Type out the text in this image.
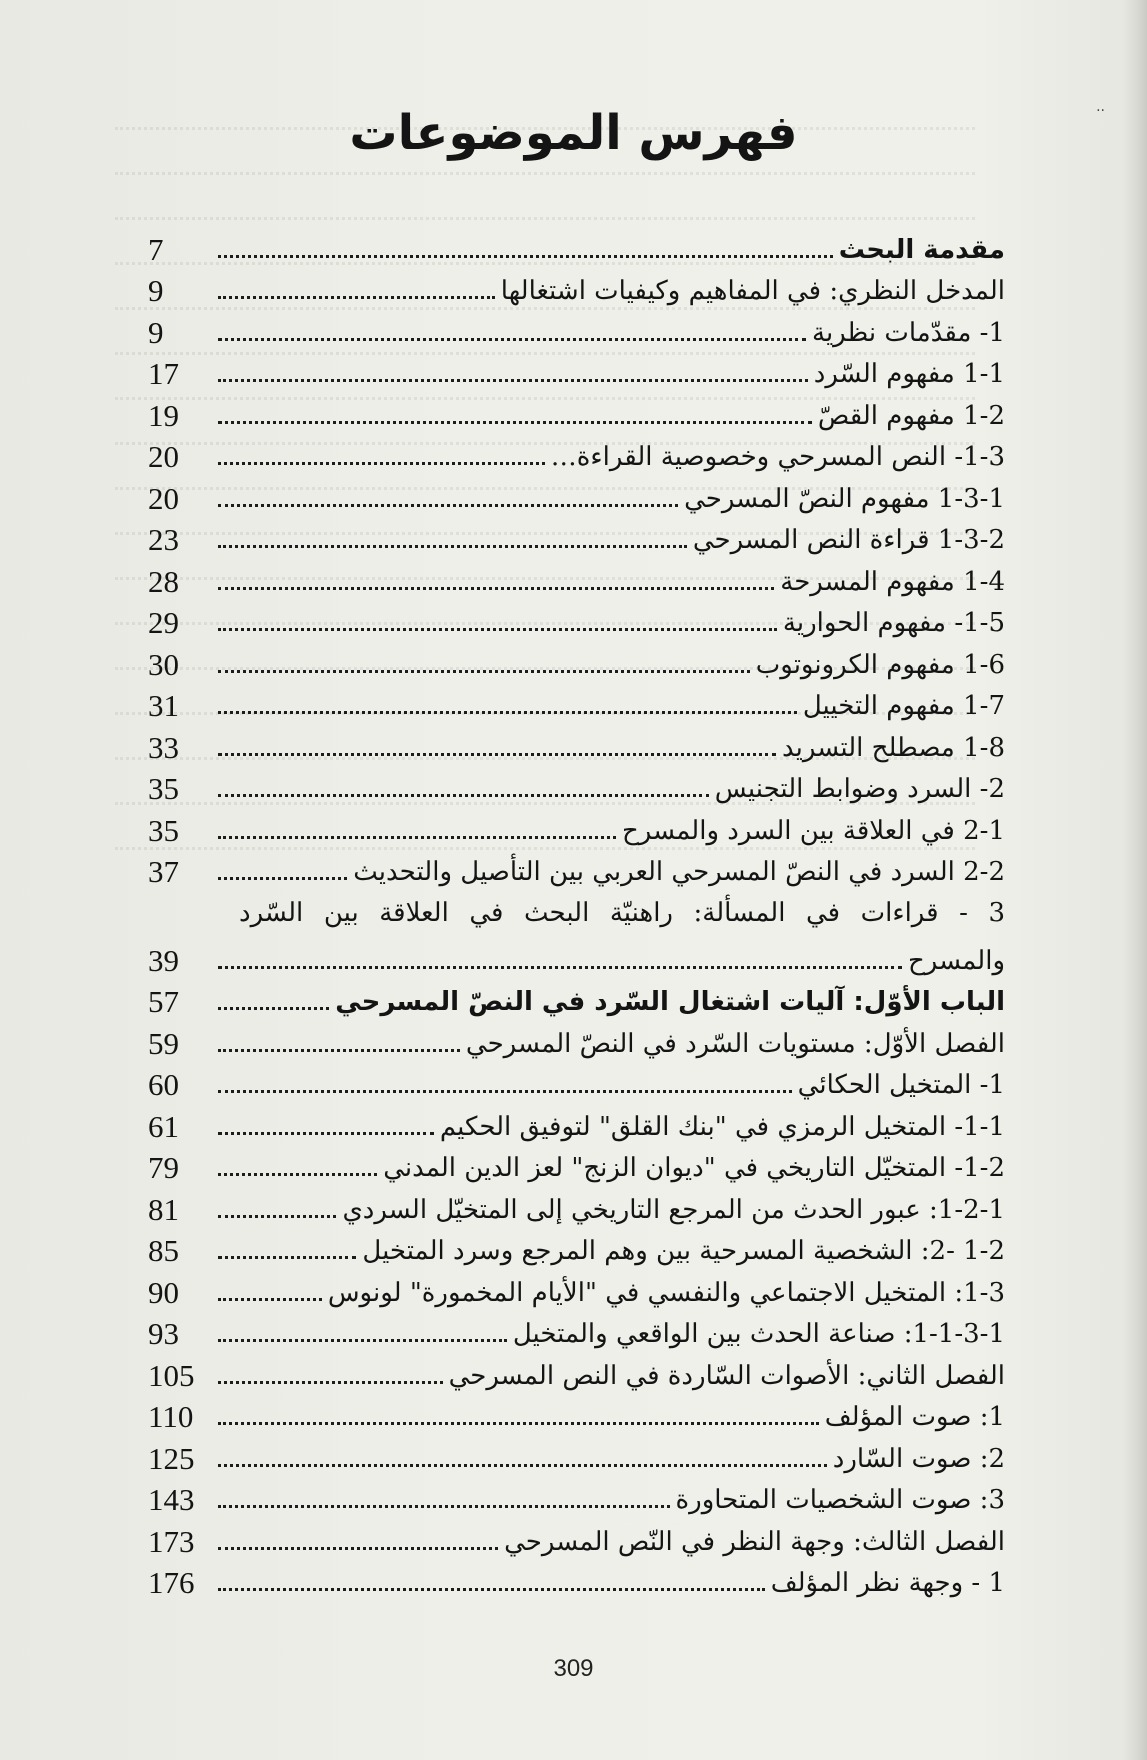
··
فهرس الموضوعات
مقدمة البحث
7
المدخل النظري: في المفاهيم وكيفيات اشتغالها
9
1- مقدّمات نظرية
9
1-1 مفهوم السّرد
17
1-2 مفهوم القصّ
19
1-3- النص المسرحي وخصوصية القراءة…
20
1-3-1 مفهوم النصّ المسرحي
20
1-3-2 قراءة النص المسرحي
23
1-4 مفهوم المسرحة
28
1-5- مفهوم الحوارية
29
1-6 مفهوم الكرونوتوب
30
1-7 مفهوم التخييل
31
1-8 مصطلح التسريد
33
2- السرد وضوابط التجنيس
35
2-1 في العلاقة بين السرد والمسرح
35
2-2 السرد في النصّ المسرحي العربي بين التأصيل والتحديث
37
3 - قراءات في المسألة: راهنيّة البحث في العلاقة بين السّرد
والمسرح
39
الباب الأوّل: آليات اشتغال السّرد في النصّ المسرحي
57
الفصل الأوّل: مستويات السّرد في النصّ المسرحي
59
1- المتخيل الحكائي
60
1-1- المتخيل الرمزي في "بنك القلق" لتوفيق الحكيم
61
1-2- المتخيّل التاريخي في "ديوان الزنج" لعز الدين المدني
79
1-2-1: عبور الحدث من المرجع التاريخي إلى المتخيّل السردي
81
1-2 -2: الشخصية المسرحية بين وهم المرجع وسرد المتخيل
85
1-3: المتخيل الاجتماعي والنفسي في "الأيام المخمورة" لونوس
90
1-1-3-1: صناعة الحدث بين الواقعي والمتخيل
93
الفصل الثاني: الأصوات السّاردة في النص المسرحي
105
1: صوت المؤلف
110
2: صوت السّارد
125
3: صوت الشخصيات المتحاورة
143
الفصل الثالث: وجهة النظر في النّص المسرحي
173
1 - وجهة نظر المؤلف
176
309
